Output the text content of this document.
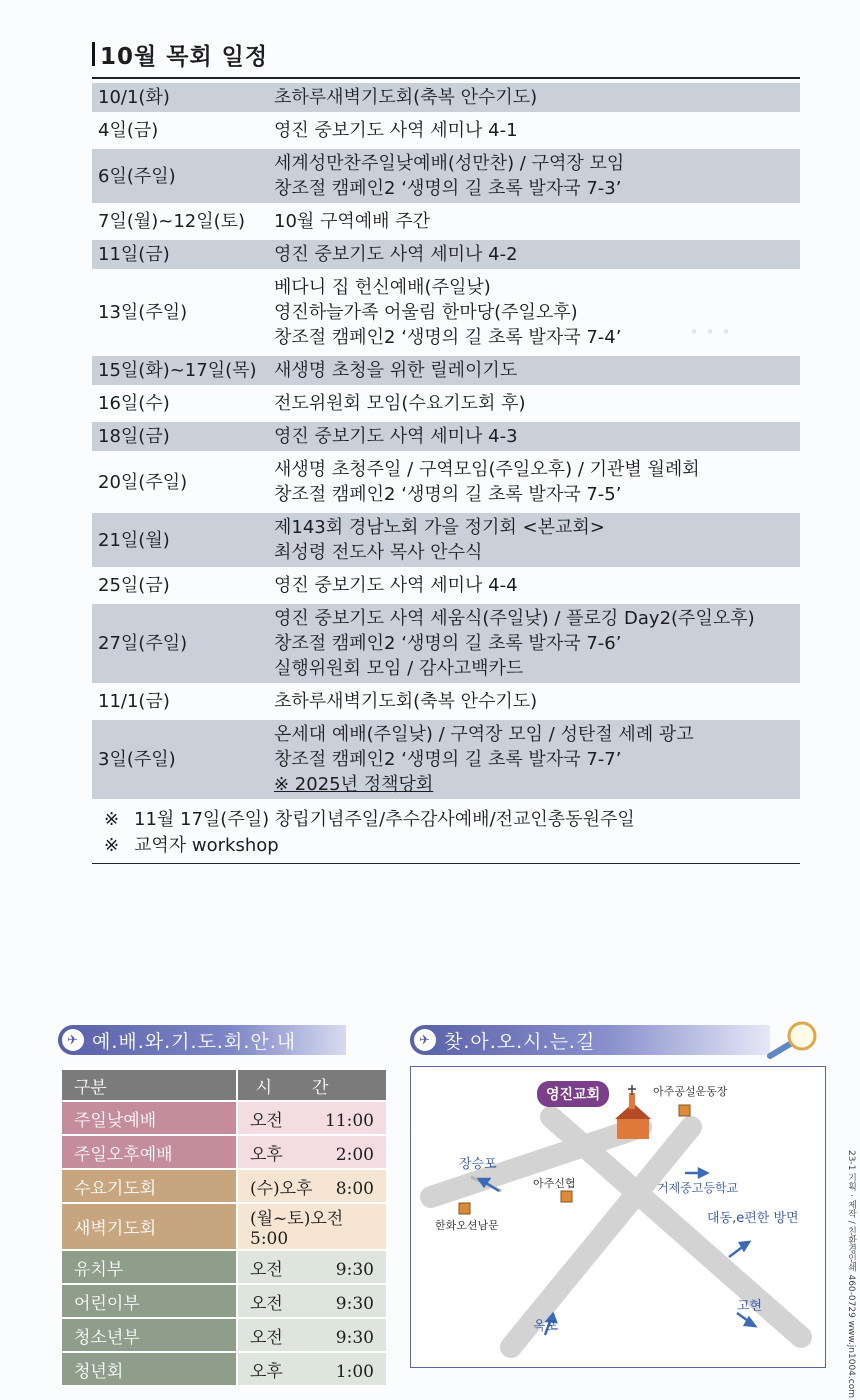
· · ·
10월 목회 일정
10/1(화)	초하루새벽기도회(축복 안수기도)

4일(금)	영진 중보기도 사역 세미나 4-1

6일(주일)	세계성만찬주일낮예배(성만찬) / 구역장 모임
창조절 캠페인2 ‘생명의 길 초록 발자국 7-3’

7일(월)~12일(토)	10월 구역예배 주간

11일(금)	영진 중보기도 사역 세미나 4-2

13일(주일)	베다니 집 헌신예배(주일낮)
영진하늘가족 어울림 한마당(주일오후)
창조절 캠페인2 ‘생명의 길 초록 발자국 7-4’

15일(화)~17일(목)	새생명 초청을 위한 릴레이기도

16일(수)	전도위원회 모임(수요기도회 후)

18일(금)	영진 중보기도 사역 세미나 4-3

20일(주일)	새생명 초청주일 / 구역모임(주일오후) / 기관별 월례회
창조절 캠페인2 ‘생명의 길 초록 발자국 7-5’

21일(월)	제143회 경남노회 가을 정기회 <본교회>
최성령 전도사 목사 안수식

25일(금)	영진 중보기도 사역 세미나 4-4

27일(주일)	영진 중보기도 사역 세움식(주일낮) / 플로깅 Day2(주일오후)
창조절 캠페인2 ‘생명의 길 초록 발자국 7-6’
실행위원회 모임 / 감사고백카드

11/1(금)	초하루새벽기도회(축복 안수기도)

3일(주일)	온세대 예배(주일낮) / 구역장 모임 / 성탄절 세례 광고
창조절 캠페인2 ‘생명의 길 초록 발자국 7-7’
※ 2025년 정책당회
※ 11월 17일(주일) 창립기념주일/추수감사예배/전교인총동원주일
※ 교역자 workshop
✈ 예.배.와.기.도.회.안.내
구분	시간
주일낮예배	오전 11:00
주일오후예배	오후 2:00
수요기도회	(수)오후 8:00
새벽기도회	(월~토)오전 5:00
유치부	오전 9:30
어린이부	오전 9:30
청소년부	오전 9:30
청년회	오후 1:00
✈ 찾.아.오.시.는.길
영진교회	아주공설운동장
장승포
아주신협	거제중고등학교
한화오션남문	대동,e편한 방면
옥포
고현	23-1 기획 · 제작 / 친환경인쇄 460-0729 www.jn1004.com
